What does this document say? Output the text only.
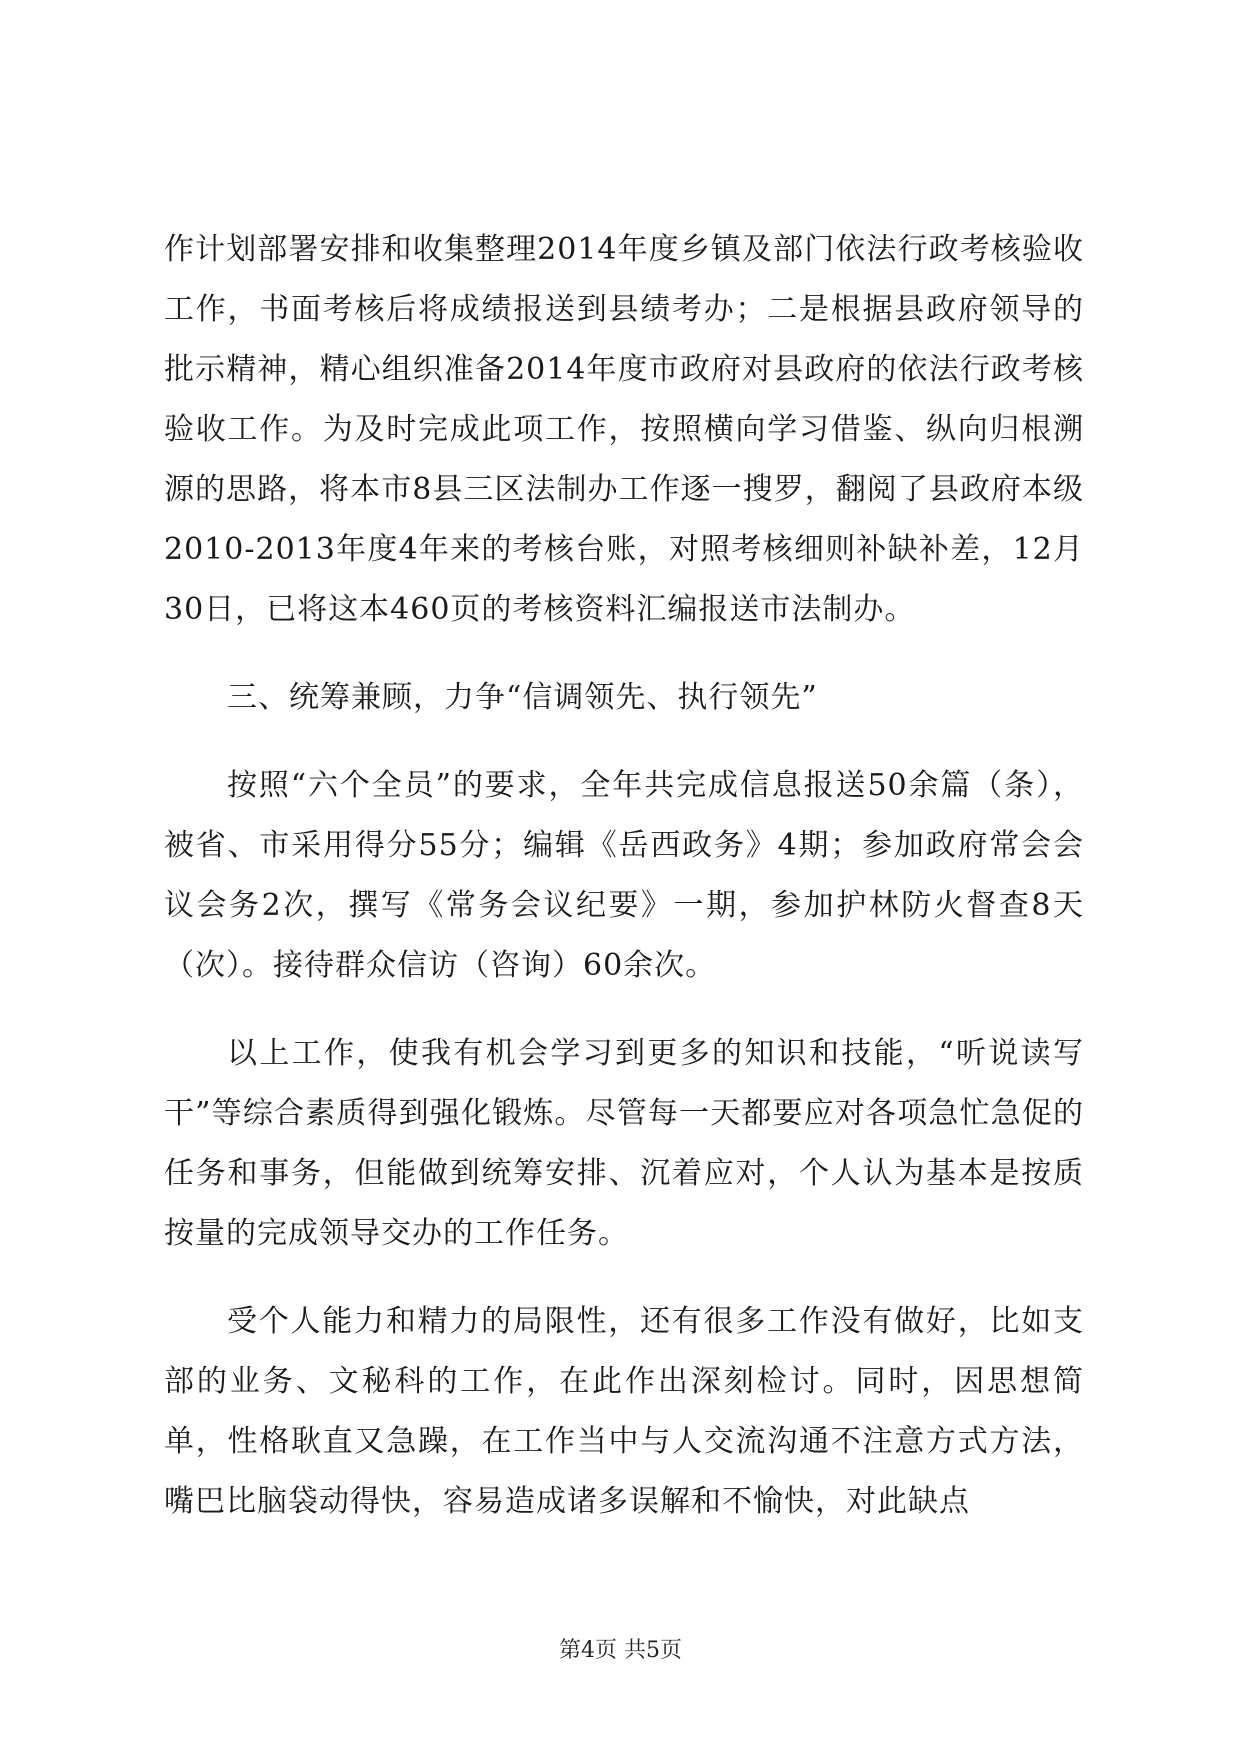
作计划部署安排和收集整理2014年度乡镇及部门依法行政考核验收工作，书面考核后将成绩报送到县绩考办；二是根据县政府领导的批示精神，精心组织准备2014年度市政府对县政府的依法行政考核验收工作。为及时完成此项工作，按照横向学习借鉴、纵向归根溯源的思路，将本市8县三区法制办工作逐一搜罗，翻阅了县政府本级2010-2013年度4年来的考核台账，对照考核细则补缺补差，12月30日，已将这本460页的考核资料汇编报送市法制办。

三、统筹兼顾，力争“信调领先、执行领先”

按照“六个全员”的要求，全年共完成信息报送50余篇（条），被省、市采用得分55分；编辑《岳西政务》4期；参加政府常会会议会务2次，撰写《常务会议纪要》一期，参加护林防火督查8天（次）。接待群众信访（咨询）60余次。

以上工作，使我有机会学习到更多的知识和技能，“听说读写干”等综合素质得到强化锻炼。尽管每一天都要应对各项急忙急促的任务和事务，但能做到统筹安排、沉着应对，个人认为基本是按质按量的完成领导交办的工作任务。

受个人能力和精力的局限性，还有很多工作没有做好，比如支部的业务、文秘科的工作，在此作出深刻检讨。同时，因思想简单，性格耿直又急躁，在工作当中与人交流沟通不注意方式方法，嘴巴比脑袋动得快，容易造成诸多误解和不愉快，对此缺点

第4页 共5页
